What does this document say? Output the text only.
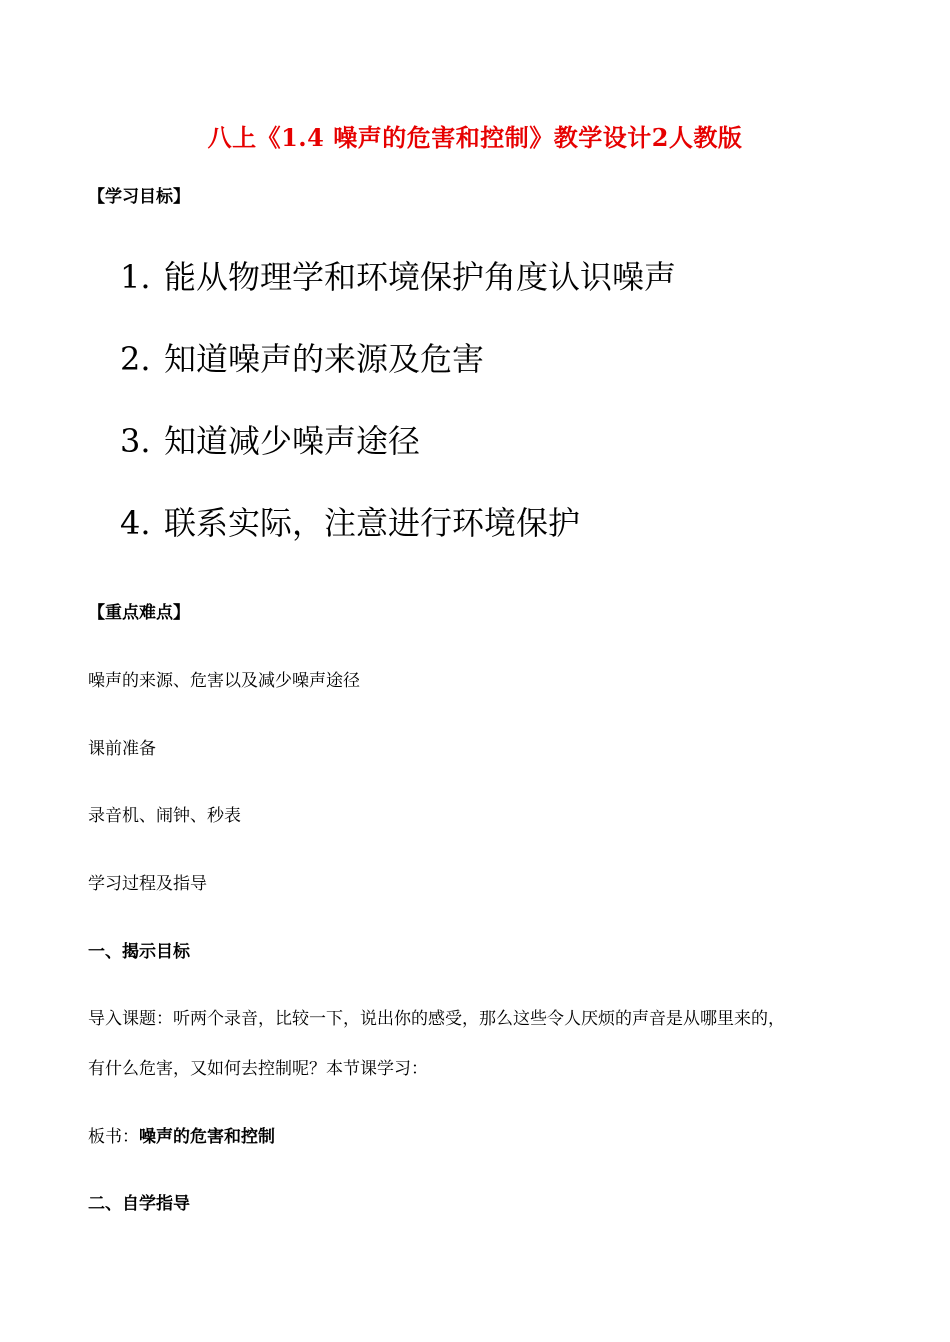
八上《1.4 噪声的危害和控制》教学设计2人教版
【学习目标】
1. 能从物理学和环境保护角度认识噪声
2. 知道噪声的来源及危害
3. 知道减少噪声途径
4. 联系实际，注意进行环境保护
【重点难点】
噪声的来源、危害以及减少噪声途径
课前准备
录音机、闹钟、秒表
学习过程及指导
一、揭示目标
导入课题：听两个录音，比较一下，说出你的感受，那么这些令人厌烦的声音是从哪里来的，
有什么危害，又如何去控制呢？本节课学习：
板书：噪声的危害和控制
二、自学指导
